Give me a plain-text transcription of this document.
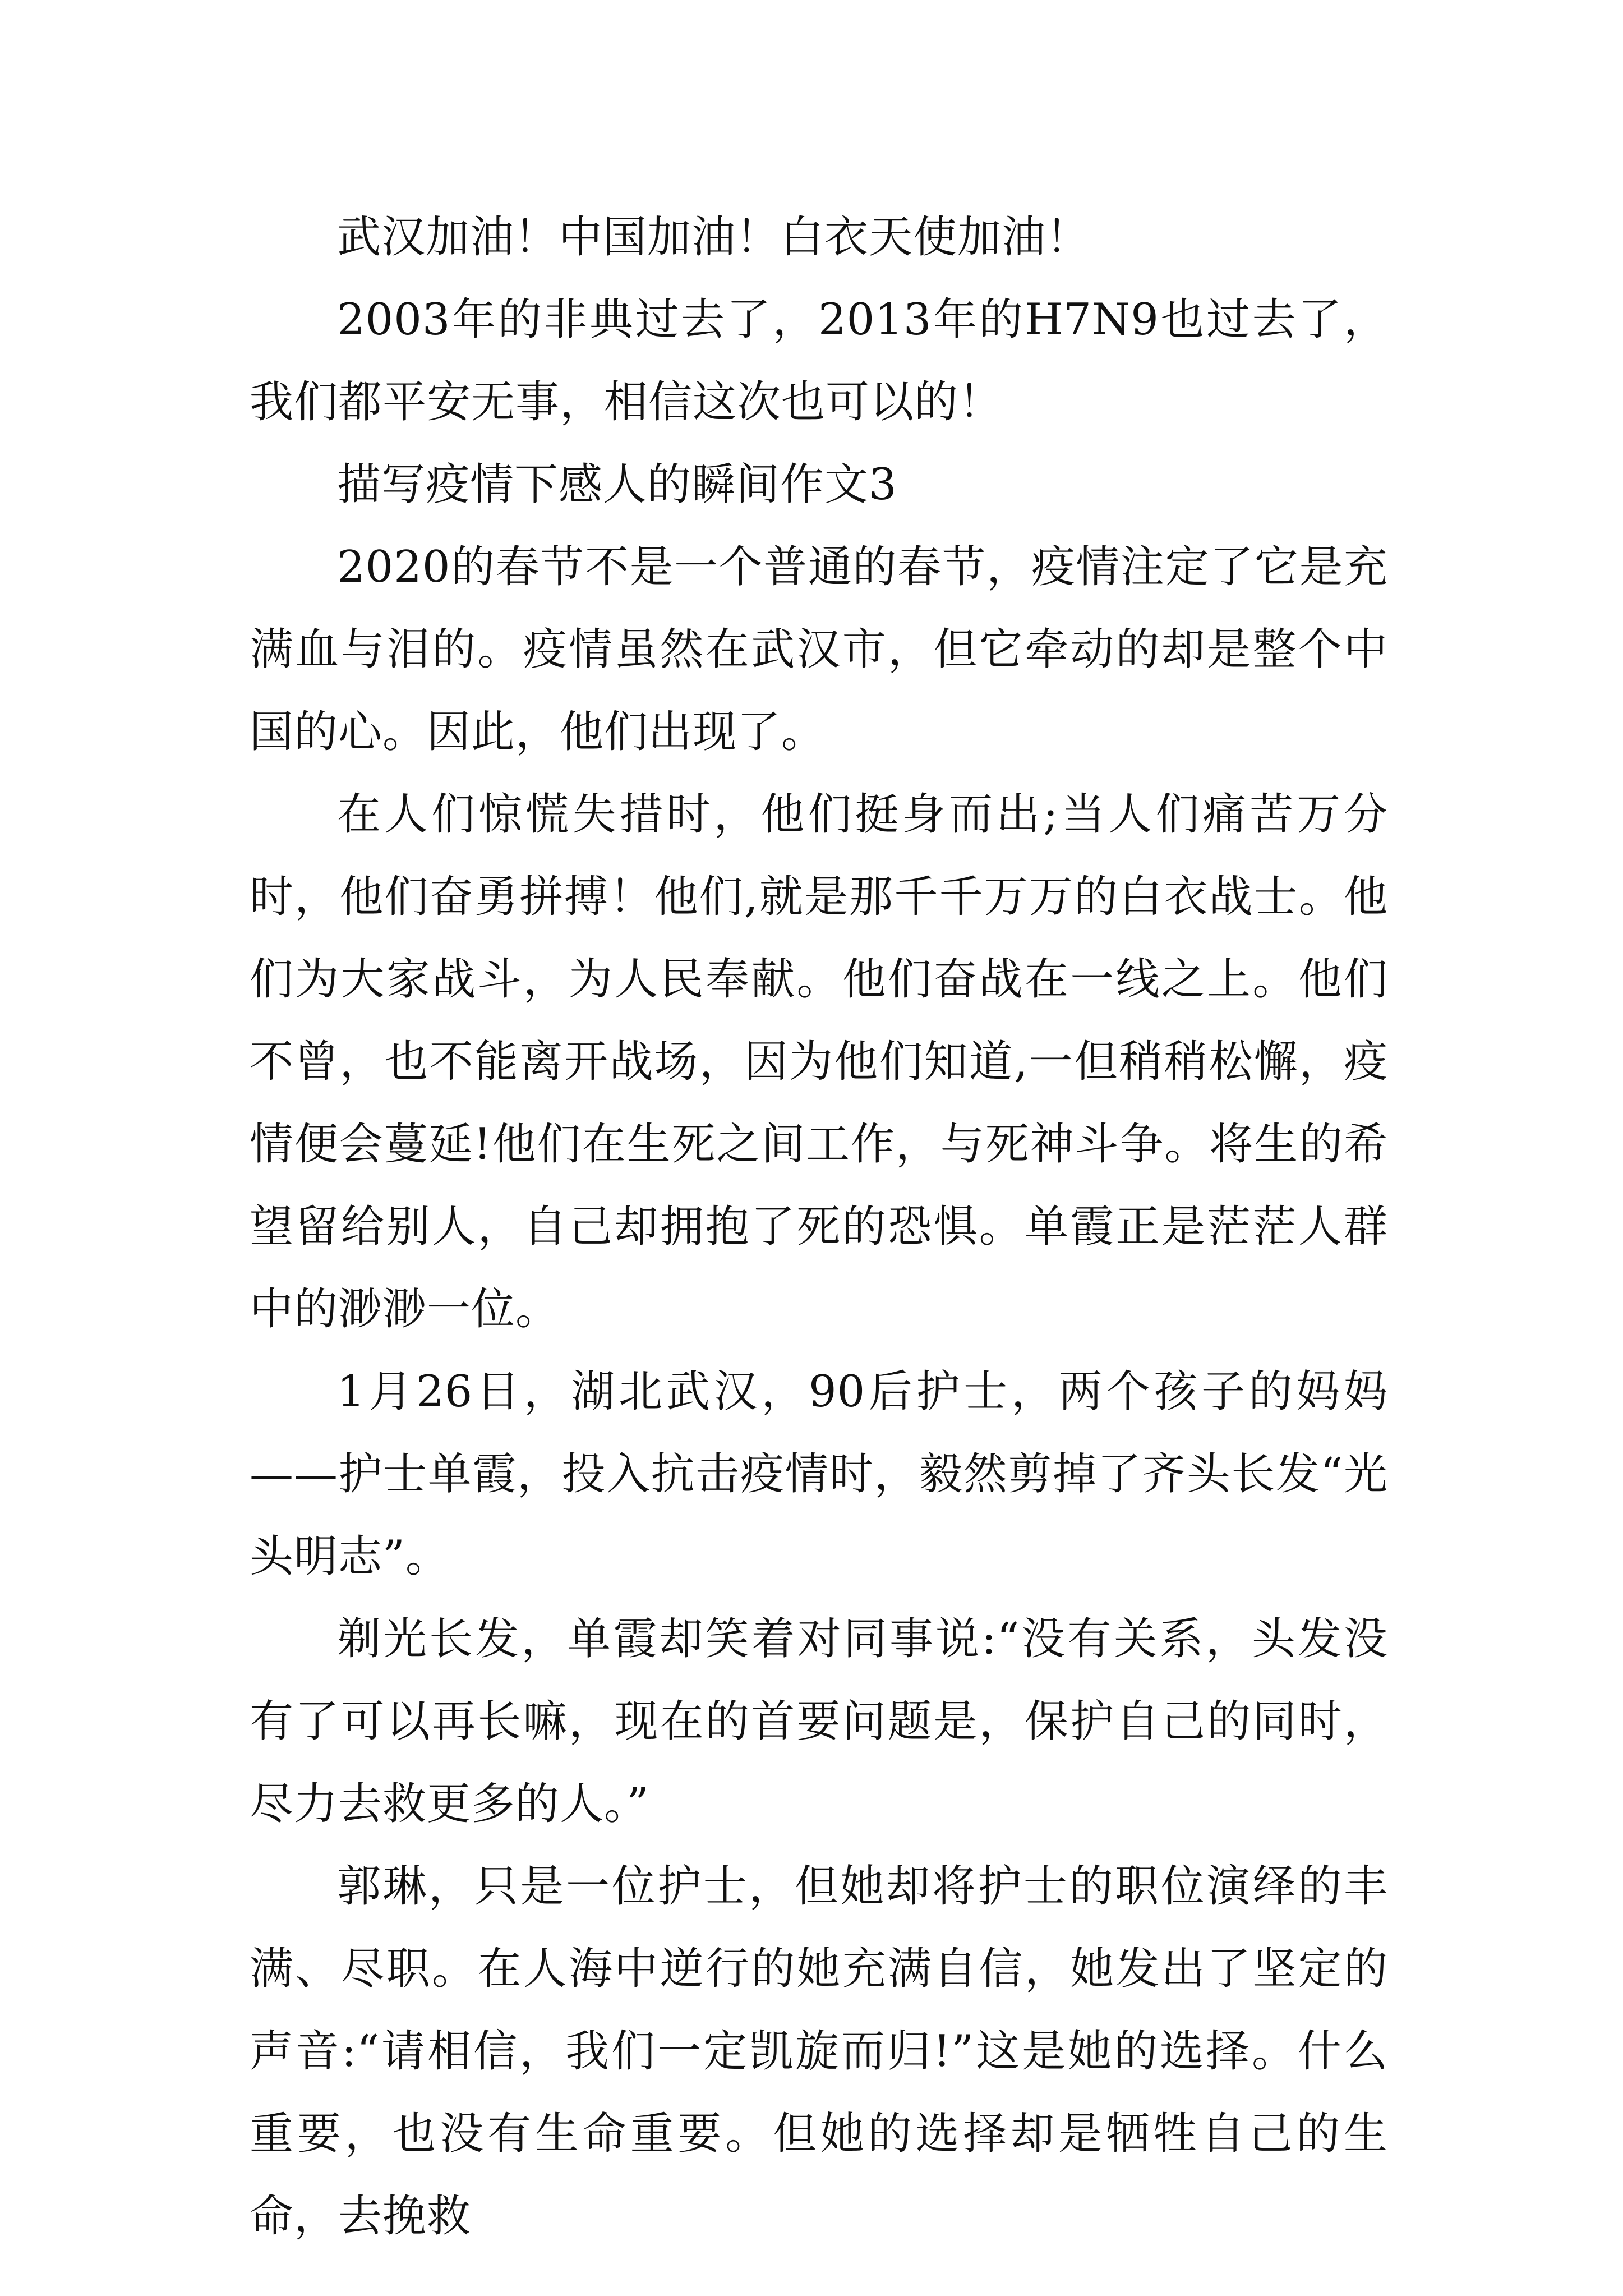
武汉加油！中国加油！白衣天使加油！

2003年的非典过去了，2013年的H7N9也过去了，我们都平安无事，相信这次也可以的！

描写疫情下感人的瞬间作文3

2020的春节不是一个普通的春节，疫情注定了它是充满血与泪的。疫情虽然在武汉市，但它牵动的却是整个中国的心。因此，他们出现了。

在人们惊慌失措时，他们挺身而出;当人们痛苦万分时，他们奋勇拼搏！他们,就是那千千万万的白衣战士。他们为大家战斗，为人民奉献。他们奋战在一线之上。他们不曾，也不能离开战场，因为他们知道,一但稍稍松懈，疫情便会蔓延!他们在生死之间工作，与死神斗争。将生的希望留给别人，自己却拥抱了死的恐惧。单霞正是茫茫人群中的渺渺一位。

1月26日，湖北武汉，90后护士，两个孩子的妈妈——护士单霞，投入抗击疫情时，毅然剪掉了齐头长发“光头明志”。

剃光长发，单霞却笑着对同事说:“没有关系，头发没有了可以再长嘛，现在的首要问题是，保护自己的同时，尽力去救更多的人。”

郭琳，只是一位护士，但她却将护士的职位演绎的丰满、尽职。在人海中逆行的她充满自信，她发出了坚定的声音:“请相信，我们一定凯旋而归!”这是她的选择。什么重要，也没有生命重要。但她的选择却是牺牲自己的生命，去挽救
